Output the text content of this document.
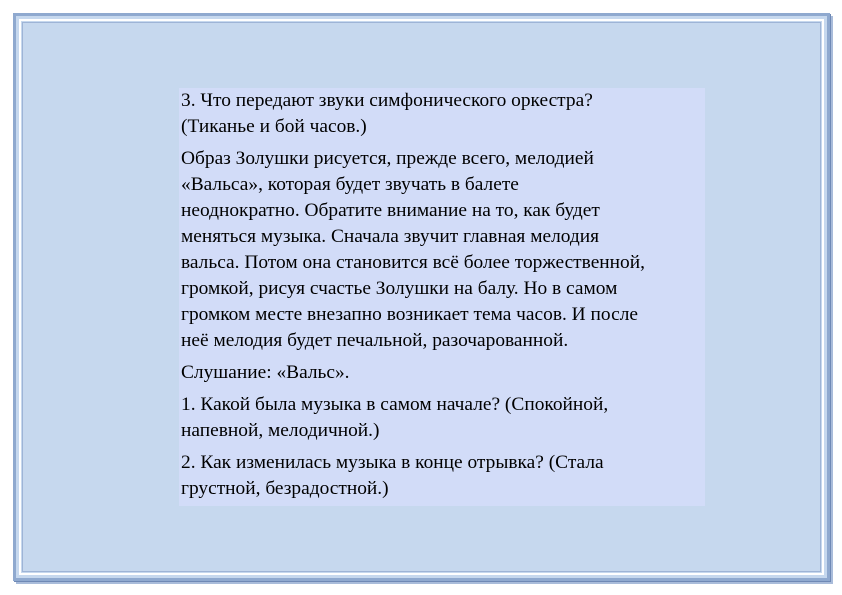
3. Что передают звуки симфонического оркестра?
(Тиканье и бой часов.)

Образ Золушки рисуется, прежде всего, мелодией
«Вальса», которая будет звучать в балете
неоднократно. Обратите внимание на то, как будет
меняться музыка. Сначала звучит главная мелодия
вальса. Потом она становится всё более торжественной,
громкой, рисуя счастье Золушки на балу. Но в самом
громком месте внезапно возникает тема часов. И после
неё мелодия будет печальной, разочарованной.

Слушание: «Вальс».

1. Какой была музыка в самом начале? (Спокойной,
напевной, мелодичной.)

2. Как изменилась музыка в конце отрывка? (Стала
грустной, безрадостной.)
